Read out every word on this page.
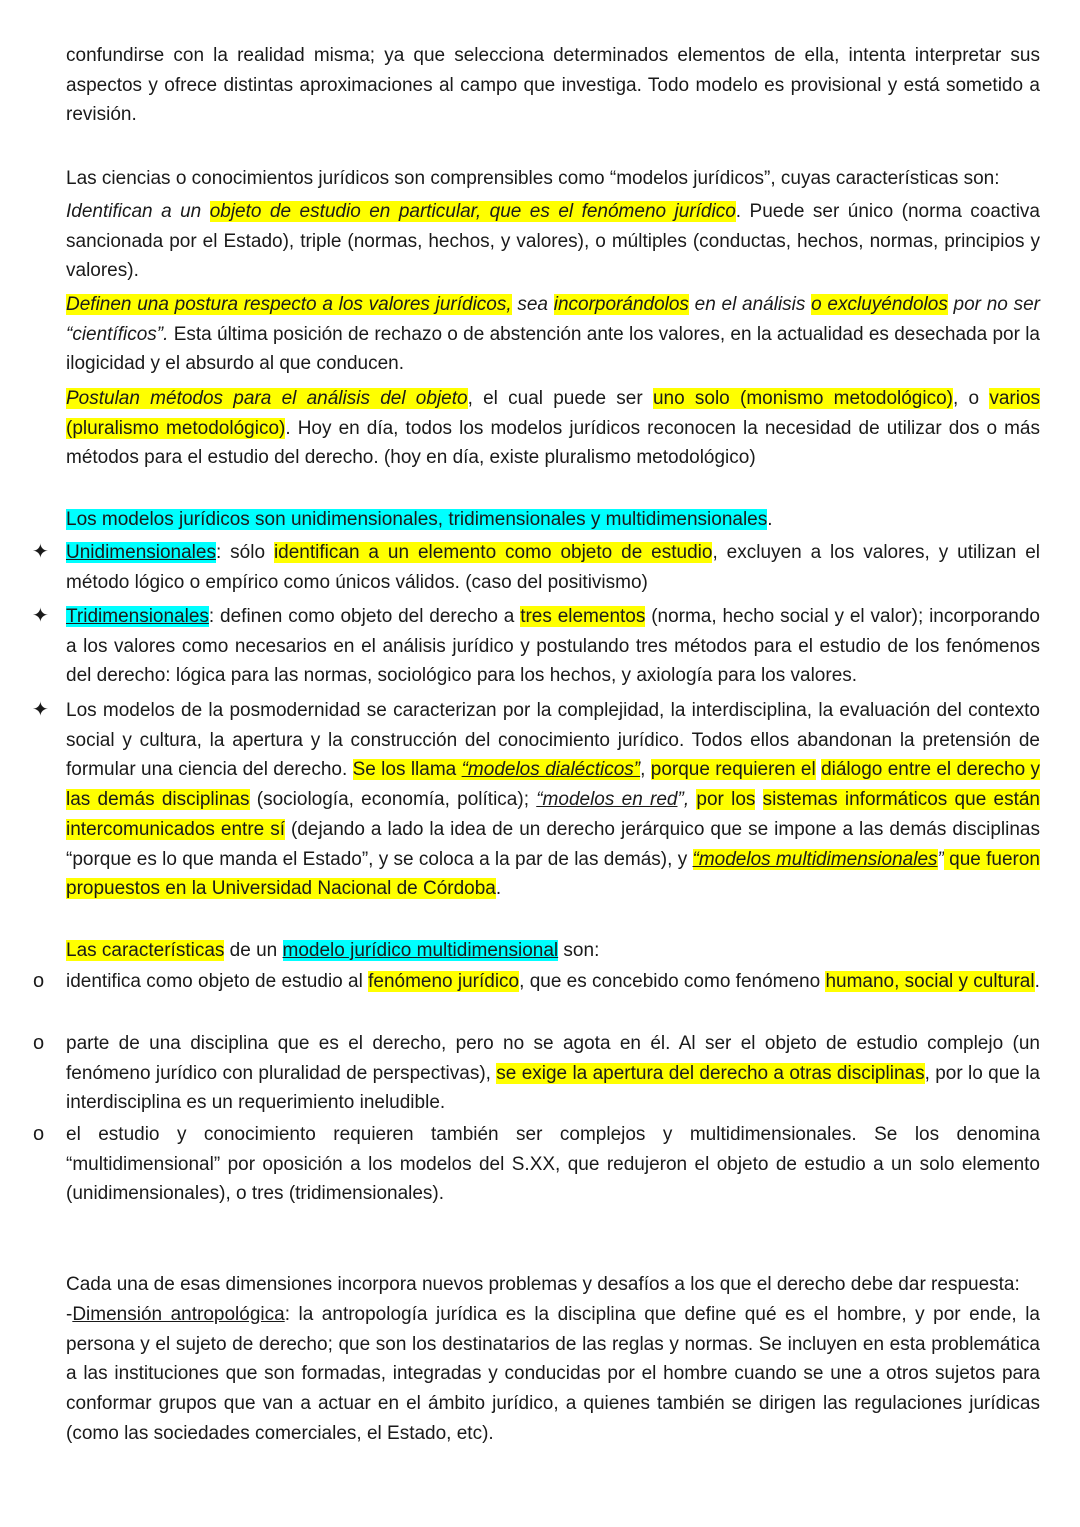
confundirse con la realidad misma; ya que selecciona determinados elementos de ella, intenta interpretar sus aspectos y ofrece distintas aproximaciones al campo que investiga. Todo modelo es provisional y está sometido a revisión.
Las ciencias o conocimientos jurídicos son comprensibles como “modelos jurídicos”, cuyas características son:
Identifican a un objeto de estudio en particular, que es el fenómeno jurídico. Puede ser único (norma coactiva sancionada por el Estado), triple (normas, hechos, y valores), o múltiples (conductas, hechos, normas, principios y valores).
Definen una postura respecto a los valores jurídicos, sea incorporándolos en el análisis o excluyéndolos por no ser “científicos”. Esta última posición de rechazo o de abstención ante los valores, en la actualidad es desechada por la ilogicidad y el absurdo al que conducen.
Postulan métodos para el análisis del objeto, el cual puede ser uno solo (monismo metodológico), o varios (pluralismo metodológico). Hoy en día, todos los modelos jurídicos reconocen la necesidad de utilizar dos o más métodos para el estudio del derecho. (hoy en día, existe pluralismo metodológico)
Los modelos jurídicos son unidimensionales, tridimensionales y multidimensionales.
✦ Unidimensionales: sólo identifican a un elemento como objeto de estudio, excluyen a los valores, y utilizan el método lógico o empírico como únicos válidos. (caso del positivismo)
✦ Tridimensionales: definen como objeto del derecho a tres elementos (norma, hecho social y el valor); incorporando a los valores como necesarios en el análisis jurídico y postulando tres métodos para el estudio de los fenómenos del derecho: lógica para las normas, sociológico para los hechos, y axiología para los valores.
✦ Los modelos de la posmodernidad se caracterizan por la complejidad, la interdisciplina, la evaluación del contexto social y cultura, la apertura y la construcción del conocimiento jurídico. Todos ellos abandonan la pretensión de formular una ciencia del derecho. Se los llama “modelos dialécticos”, porque requieren el diálogo entre el derecho y las demás disciplinas (sociología, economía, política); “modelos en red”, por los sistemas informáticos que están intercomunicados entre sí (dejando a lado la idea de un derecho jerárquico que se impone a las demás disciplinas “porque es lo que manda el Estado”, y se coloca a la par de las demás), y “modelos multidimensionales” que fueron propuestos en la Universidad Nacional de Córdoba.
Las características de un modelo jurídico multidimensional son:
o identifica como objeto de estudio al fenómeno jurídico, que es concebido como fenómeno humano, social y cultural.
o parte de una disciplina que es el derecho, pero no se agota en él. Al ser el objeto de estudio complejo (un fenómeno jurídico con pluralidad de perspectivas), se exige la apertura del derecho a otras disciplinas, por lo que la interdisciplina es un requerimiento ineludible.
o el estudio y conocimiento requieren también ser complejos y multidimensionales. Se los denomina “multidimensional” por oposición a los modelos del S.XX, que redujeron el objeto de estudio a un solo elemento (unidimensionales), o tres (tridimensionales).
Cada una de esas dimensiones incorpora nuevos problemas y desafíos a los que el derecho debe dar respuesta:
-Dimensión antropológica: la antropología jurídica es la disciplina que define qué es el hombre, y por ende, la persona y el sujeto de derecho; que son los destinatarios de las reglas y normas. Se incluyen en esta problemática a las instituciones que son formadas, integradas y conducidas por el hombre cuando se une a otros sujetos para conformar grupos que van a actuar en el ámbito jurídico, a quienes también se dirigen las regulaciones jurídicas (como las sociedades comerciales, el Estado, etc).
